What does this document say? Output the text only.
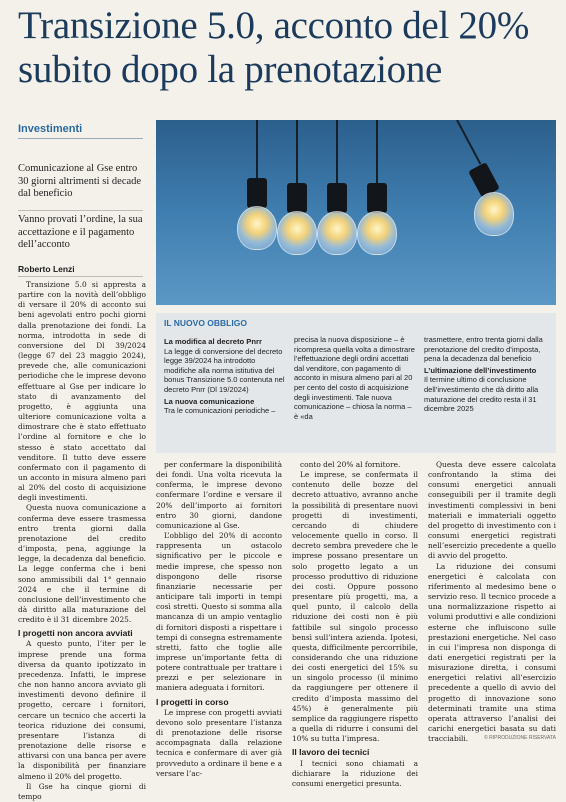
Transizione 5.0, acconto del 20%
subito dopo la prenotazione
Investimenti
Comunicazione al Gse entro 30 giorni altrimenti si decade dal beneficio
Vanno provati l’ordine, la sua accettazione e il pagamento dell’acconto
Roberto Lenzi

Transizione 5.0 si appresta a partire con la novità dell’obbligo di versare il 20% di acconto sui beni agevolati entro pochi giorni dalla prenotazione dei fondi. La norma, introdotta in sede di conversione del Dl 39/2024 (legge 67 del 23 maggio 2024), prevede che, alle comunicazioni periodiche che le imprese devono effettuare al Gse per indicare lo stato di avanzamento del progetto, è aggiunta una ulteriore comunicazione volta a dimostrare che è stato effettuato l’ordine al fornitore e che lo stesso è stato accettato dal venditore. Il tutto deve essere confermato con il pagamento di un acconto in misura almeno pari al 20% del costo di acquisizione degli investimenti.

Questa nuova comunicazione a conferma deve essere trasmessa entro trenta giorni dalla prenotazione del credito d’imposta, pena, aggiunge la legge, la decadenza dal beneficio. La legge conferma che i beni sono ammissibili dal 1° gennaio 2024 e che il termine di conclusione dell’investimento che dà diritto alla maturazione del credito è il 31 dicembre 2025.

I progetti non ancora avviati

A questo punto, l’iter per le imprese prende una forma diversa da quanto ipotizzato in precedenza. Infatti, le imprese che non hanno ancora avviato gli investimenti devono definire il progetto, cercare i fornitori, cercare un tecnico che accerti la teorica riduzione dei consumi, presentare l’istanza di prenotazione delle risorse e attivarsi con una banca per avere la disponibilità per finanziare almeno il 20% del progetto.

Il Gse ha cinque giorni di tempo

IL NUOVO OBBLIGO
La modifica al decreto Pnrr
La legge di conversione del decreto legge 39/2024 ha introdotto modifiche alla norma istitutiva del bonus Transizione 5.0 contenuta nel decreto Pnrr (Dl 19/2024)
La nuova comunicazione
Tra le comunicazioni periodiche –
precisa la nuova disposizione – è ricompresa quella volta a dimostrare l’effettuazione degli ordini accettati dal venditore, con pagamento di acconto in misura almeno pari al 20 per cento del costo di acquisizione degli investimenti. Tale nuova comunicazione – chiosa la norma – è «da
trasmettere, entro trenta giorni dalla prenotazione del credito d’imposta, pena la decadenza dal beneficio
L’ultimazione dell’investimento
Il termine ultimo di conclusione dell’investimento che dà diritto alla maturazione del credito resta il 31 dicembre 2025

per confermare la disponibilità dei fondi. Una volta ricevuta la conferma, le imprese devono confermare l’ordine e versare il 20% dell’importo ai fornitori entro 30 giorni, dandone comunicazione al Gse.

L’obbligo del 20% di acconto rappresenta un ostacolo significativo per le piccole e medie imprese, che spesso non dispongono delle risorse finanziarie necessarie per anticipare tali importi in tempi così stretti. Questo si somma alla mancanza di un ampio ventaglio di fornitori disposti a rispettare i tempi di consegna estremamente stretti, fatto che toglie alle imprese un’importante fetta di potere contrattuale per trattare i prezzi e per selezionare in maniera adeguata i fornitori.

I progetti in corso

Le imprese con progetti avviati devono solo presentare l’istanza di prenotazione delle risorse accompagnata dalla relazione tecnica e confermare di aver già provveduto a ordinare il bene e a versare l’ac-

conto del 20% al fornitore.

Le imprese, se confermata il contenuto delle bozze del decreto attuativo, avranno anche la possibilità di presentare nuovi progetti di investimenti, cercando di chiudere velocemente quello in corso. Il decreto sembra prevedere che le imprese possano presentare un solo progetto legato a un processo produttivo di riduzione dei costi. Oppure possono presentare più progetti, ma, a quel punto, il calcolo della riduzione dei costi non è più fattibile sul singolo processo bensì sull’intera azienda. Ipotesi, questa, difficilmente percorribile, considerando che una riduzione dei costi energetici del 15% su un singolo processo (il minimo da raggiungere per ottenere il credito d’imposta massimo del 45%) è generalmente più semplice da raggiungere rispetto a quella di ridurre i consumi del 10% su tutta l’impresa.

Il lavoro dei tecnici

I tecnici sono chiamati a dichiarare la riduzione dei consumi energetici presunta.

Questa deve essere calcolata confrontando la stima dei consumi energetici annuali conseguibili per il tramite degli investimenti complessivi in beni materiali e immateriali oggetto del progetto di investimento con i consumi energetici registrati nell’esercizio precedente a quello di avvio del progetto.

La riduzione dei consumi energetici è calcolata con riferimento al medesimo bene o servizio reso. Il tecnico procede a una normalizzazione rispetto ai volumi produttivi e alle condizioni esterne che influiscono sulle prestazioni energetiche. Nel caso in cui l’impresa non disponga di dati energetici registrati per la misurazione diretta, i consumi energetici relativi all’esercizio precedente a quello di avvio del progetto di innovazione sono determinati tramite una stima operata attraverso l’analisi dei carichi energetici basata su dati tracciabili.	© RIPRODUZIONE RISERVATA
